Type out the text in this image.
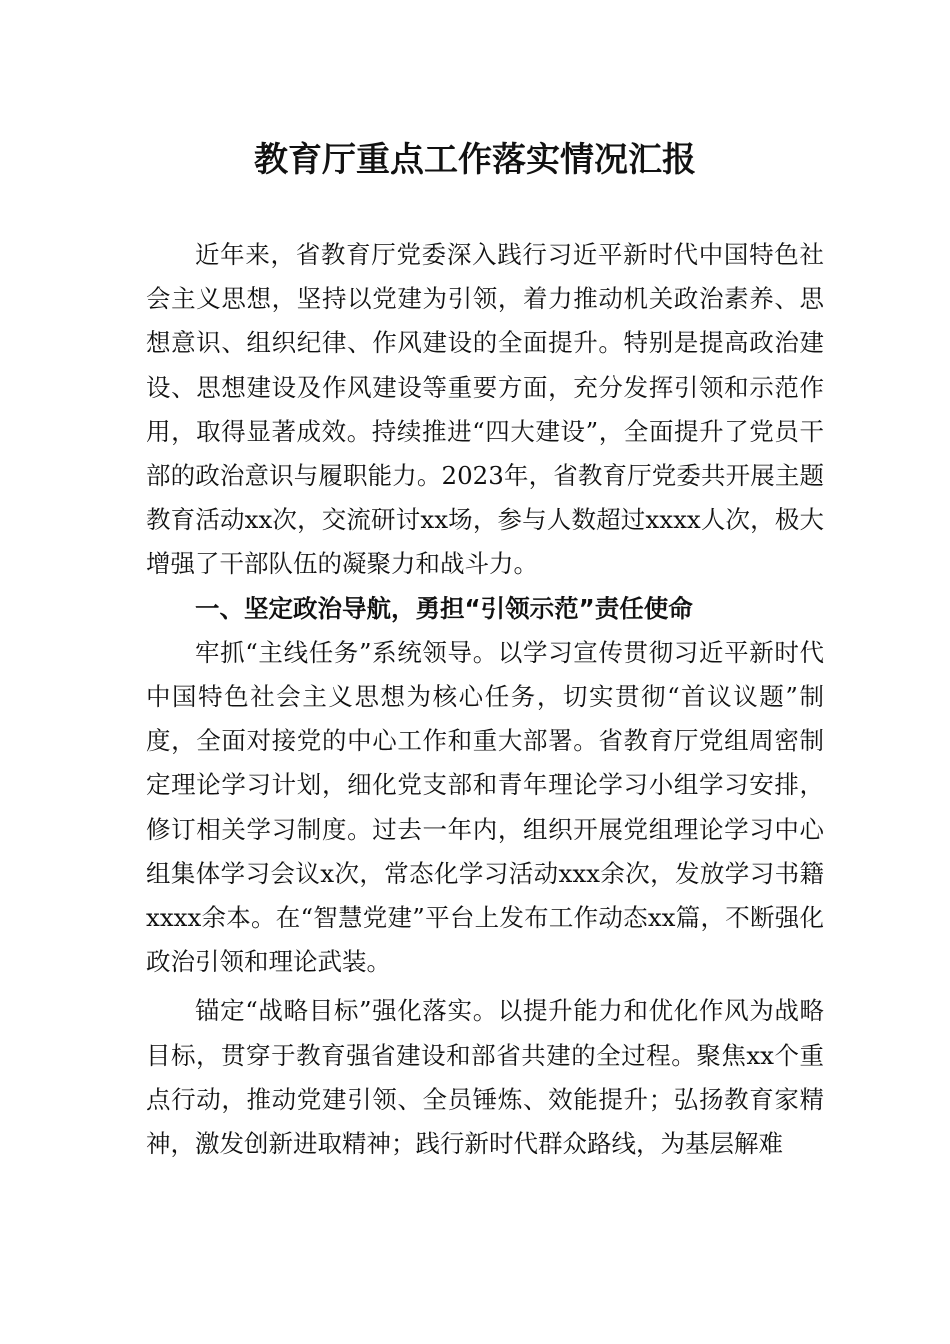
教育厅重点工作落实情况汇报

近年来，省教育厅党委深入践行习近平新时代中国特色社会主义思想，坚持以党建为引领，着力推动机关政治素养、思想意识、组织纪律、作风建设的全面提升。特别是提高政治建设、思想建设及作风建设等重要方面，充分发挥引领和示范作用，取得显著成效。持续推进“四大建设”，全面提升了党员干部的政治意识与履职能力。2023年，省教育厅党委共开展主题教育活动xx次，交流研讨xx场，参与人数超过xxxx人次，极大增强了干部队伍的凝聚力和战斗力。

一、坚定政治导航，勇担“引领示范”责任使命

牢抓“主线任务”系统领导。以学习宣传贯彻习近平新时代中国特色社会主义思想为核心任务，切实贯彻“首议议题”制度，全面对接党的中心工作和重大部署。省教育厅党组周密制定理论学习计划，细化党支部和青年理论学习小组学习安排，修订相关学习制度。过去一年内，组织开展党组理论学习中心组集体学习会议x次，常态化学习活动xxx余次，发放学习书籍xxxx余本。在“智慧党建”平台上发布工作动态xx篇，不断强化政治引领和理论武装。

锚定“战略目标”强化落实。以提升能力和优化作风为战略目标，贯穿于教育强省建设和部省共建的全过程。聚焦xx个重点行动，推动党建引领、全员锤炼、效能提升；弘扬教育家精神，激发创新进取精神；践行新时代群众路线，为基层解难
